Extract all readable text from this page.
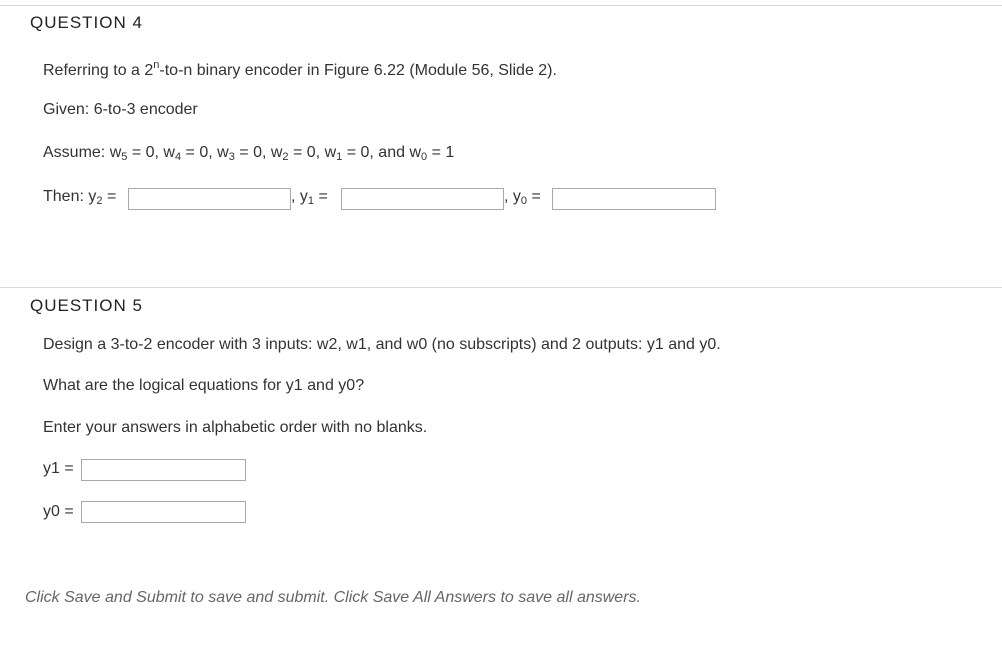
QUESTION 4
Referring to a 2$^n$-to-n binary encoder in Figure 6.22 (Module 56, Slide 2).
Given: 6-to-3 encoder
Assume: $w_5 = 0$, $w_4 = 0$, $w_3 = 0$, $w_2 = 0$, $w_1 = 0$, and $w_0 = 1$
Then: $y_2$ =	, $y_1$ =	, $y_0$ =
QUESTION 5
Design a 3-to-2 encoder with 3 inputs: w2, w1, and w0 (no subscripts) and 2 outputs: y1 and y0.
What are the logical equations for y1 and y0?
Enter your answers in alphabetic order with no blanks.
y1 =
y0 =
Click Save and Submit to save and submit. Click Save All Answers to save all answers.
